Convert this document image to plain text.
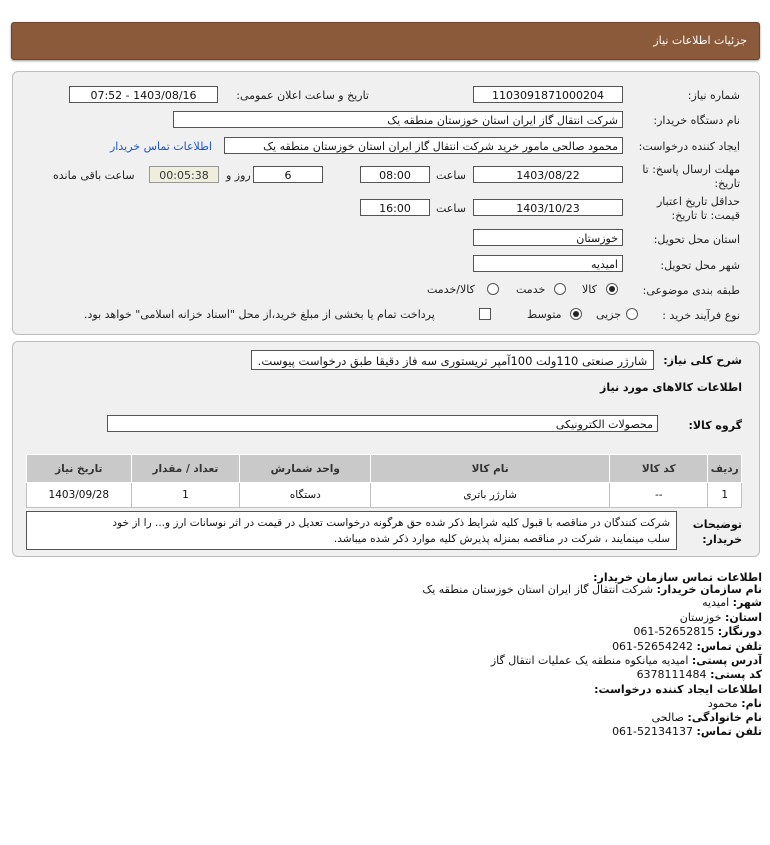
جزئیات اطلاعات نیاز
شماره نیاز:
1103091871000204
تاریخ و ساعت اعلان عمومی:
1403/08/16 - 07:52
نام دستگاه خریدار:
شرکت انتقال گاز ایران استان خوزستان منطقه یک
ایجاد کننده درخواست:
محمود صالحی مامور خرید شرکت انتقال گاز ایران استان خوزستان منطقه یک
اطلاعات تماس خریدار
مهلت ارسال پاسخ: تا
تاریخ:
1403/08/22
ساعت
08:00
6
روز و
00:05:38
ساعت باقی مانده
حداقل تاریخ اعتبار
قیمت: تا تاریخ:
1403/10/23
ساعت
16:00
استان محل تحویل:
خوزستان
شهر محل تحویل:
امیدیه
طبقه بندی موضوعی:
کالا
خدمت
کالا/خدمت
نوع فرآیند خرید :
جزیی
متوسط
پرداخت تمام یا بخشی از مبلغ خرید،از محل "اسناد خزانه اسلامی" خواهد بود.
شرح کلی نیاز:
شارژر صنعتی 110ولت 100آمپر تریستوری سه فاز دقیقا طبق درخواست پیوست.
اطلاعات کالاهای مورد نیاز
گروه کالا:
محصولات الکترونیکی
ردیف	کد کالا	نام کالا	واحد شمارش	تعداد / مقدار	تاریخ نیاز
1	--	شارژر باتری	دستگاه	1	1403/09/28
توضیحات
خریدار:
شرکت کنندگان در مناقصه با قبول کلیه شرایط ذکر شده حق هرگونه درخواست تعدیل در قیمت در اثر نوسانات ارز و... را از خود
سلب مینمایند ، شرکت در مناقصه بمنزله پذیرش کلیه موارد ذکر شده میباشد.
اطلاعات تماس سازمان خریدار:
نام سازمان خریدار: شرکت انتقال گاز ایران استان خوزستان منطقه یک
شهر: امیدیه
استان: خوزستان
دورنگار: 061-52652815
تلفن تماس: 061-52654242
آدرس پستی: امیدیه میانکوه منطقه یک عملیات انتقال گاز
کد پستی: 6378111484
اطلاعات ایجاد کننده درخواست:
نام: محمود
نام خانوادگی: صالحی
تلفن تماس: 061-52134137
